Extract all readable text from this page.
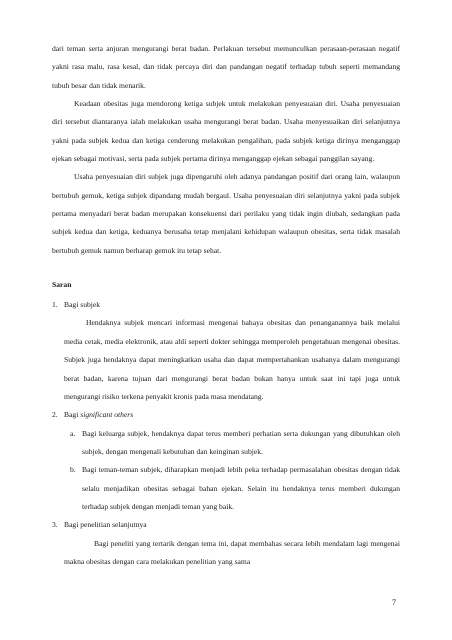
dari teman serta anjuran mengurangi berat badan. Perlakuan tersebut memunculkan perasaan-perasaan negatif yakni rasa malu, rasa kesal, dan tidak percaya diri dan pandangan negatif terhadap tubuh seperti memandang tubuh besar dan tidak menarik.

Keadaan obesitas juga mendorong ketiga subjek untuk melakukan penyesuaian diri. Usaha penyesuaian diri tersebut diantaranya ialah melakukan usaha mengurangi berat badan. Usaha menyesuaikan diri selanjutnya yakni pada subjek kedua dan ketiga cenderung melakukan pengalihan, pada subjek ketiga dirinya menganggap ejekan sebagai motivasi, serta pada subjek pertama dirinya menganggap ejekan sebagai panggilan sayang.

Usaha penyesuaian diri subjek juga dipengaruhi oleh adanya pandangan positif dari orang lain, walaupun bertubuh gemuk, ketiga subjek dipandang mudah bergaul. Usaha penyesuaian diri selanjutnya yakni pada subjek pertama menyadari berat badan merupakan konsekuensi dari perilaku yang tidak ingin diubah, sedangkan pada subjek kedua dan ketiga, keduanya berusaha tetap menjalani kehidupan walaupun obesitas, serta tidak masalah bertubuh gemuk namun berharap gemuk itu tetap sehat.

Saran
1. Bagi subjek

Hendaknya subjek mencari informasi mengenai bahaya obesitas dan penanganannya baik melalui media cetak, media elektronik, atau ahli seperti dokter sehingga memperoleh pengetahuan mengenai obesitas. Subjek juga hendaknya dapat meningkatkan usaha dan dapat mempertahankan usahanya dalam mengurangi berat badan, karena tujuan dari mengurangi berat badan bukan hanya untuk saat ini tapi juga untuk mengurangi risiko terkena penyakit kronis pada masa mendatang.

2. Bagi significant others
a. Bagi keluarga subjek, hendaknya dapat terus memberi perhatian serta dukungan yang dibutuhkan oleh subjek, dengan mengenali kebutuhan dan keinginan subjek.

b. Bagi teman-teman subjek, diharapkan menjadi lebih peka terhadap permasalahan obesitas dengan tidak selalu menjadikan obesitas sebagai bahan ejekan. Selain itu hendaknya terus memberi dukungan terhadap subjek dengan menjadi teman yang baik.

3. Bagi penelitian selanjutnya

Bagi peneliti yang tertarik dengan tema ini, dapat membahas secara lebih mendalam lagi mengenai makna obesitas dengan cara melakukan penelitian yang sama

7
